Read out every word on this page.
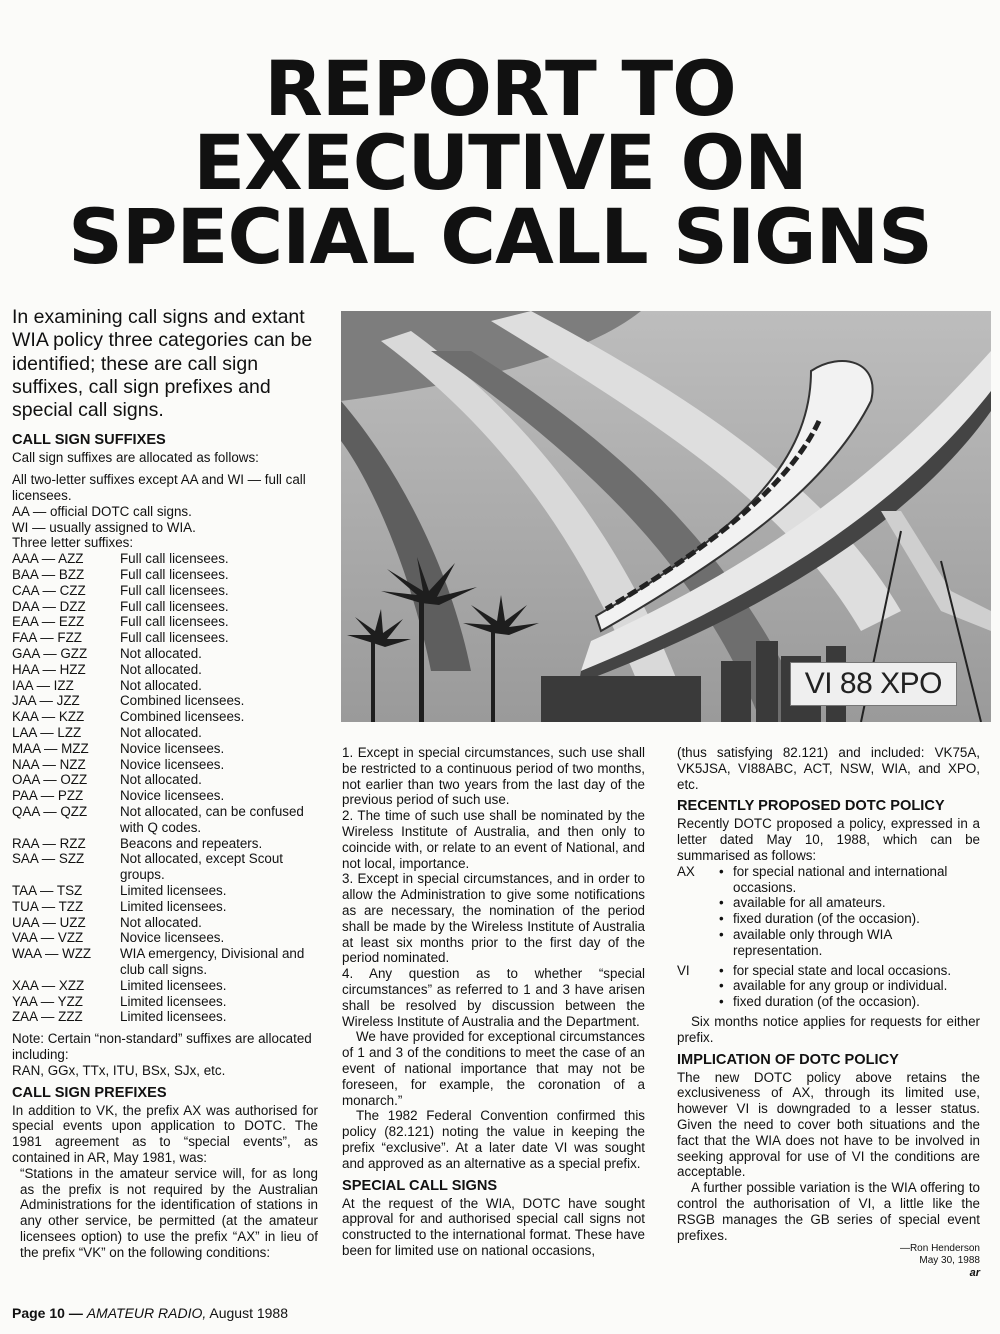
REPORT TO
EXECUTIVE ON
SPECIAL CALL SIGNS

In examining call signs and extant WIA policy three categories can be identified; these are call sign suffixes, call sign prefixes and special call signs.

CALL SIGN SUFFIXES

Call sign suffixes are allocated as follows:

All two-letter suffixes except AA and WI — full call licensees.

AA — official DOTC call signs.

WI — usually assigned to WIA.

Three letter suffixes:

AAA — AZZ	Full call licensees.
BAA — BZZ	Full call licensees.
CAA — CZZ	Full call licensees.
DAA — DZZ	Full call licensees.
EAA — EZZ	Full call licensees.
FAA — FZZ	Full call licensees.
GAA — GZZ	Not allocated.
HAA — HZZ	Not allocated.
IAA — IZZ	Not allocated.
JAA — JZZ	Combined licensees.
KAA — KZZ	Combined licensees.
LAA — LZZ	Not allocated.
MAA — MZZ	Novice licensees.
NAA — NZZ	Novice licensees.
OAA — OZZ	Not allocated.
PAA — PZZ	Novice licensees.
QAA — QZZ	Not allocated, can be confused with Q codes.
RAA — RZZ	Beacons and repeaters.
SAA — SZZ	Not allocated, except Scout groups.
TAA — TSZ	Limited licensees.
TUA — TZZ	Limited licensees.
UAA — UZZ	Not allocated.
VAA — VZZ	Novice licensees.
WAA — WZZ	WIA emergency, Divisional and club call signs.
XAA — XZZ	Limited licensees.
YAA — YZZ	Limited licensees.
ZAA — ZZZ	Limited licensees.

Note: Certain “non-standard” suffixes are allocated including:

RAN, GGx, TTx, ITU, BSx, SJx, etc.

CALL SIGN PREFIXES

In addition to VK, the prefix AX was authorised for special events upon application to DOTC. The 1981 agreement as to “special events”, as contained in AR, May 1981, was:

“Stations in the amateur service will, for as long as the prefix is not required by the Australian Administrations for the identification of stations in any other service, be permitted (at the amateur licensees option) to use the prefix “AX” in lieu of the prefix “VK” on the following conditions:

VI 88 XPO

1. Except in special circumstances, such use shall be restricted to a continuous period of two months, not earlier than two years from the last day of the previous period of such use.

2. The time of such use shall be nominated by the Wireless Institute of Australia, and then only to coincide with, or relate to an event of National, and not local, importance.

3. Except in special circumstances, and in order to allow the Administration to give some notifications as are necessary, the nomination of the period shall be made by the Wireless Institute of Australia at least six months prior to the first day of the period nominated.

4. Any question as to whether “special circumstances” as referred to 1 and 3 have arisen shall be resolved by discussion between the Wireless Institute of Australia and the Department.

We have provided for exceptional circumstances of 1 and 3 of the conditions to meet the case of an event of national importance that may not be foreseen, for example, the coronation of a monarch.”

The 1982 Federal Convention confirmed this policy (82.121) noting the value in keeping the prefix “exclusive”. At a later date VI was sought and approved as an alternative as a special prefix.

SPECIAL CALL SIGNS

At the request of the WIA, DOTC have sought approval for and authorised special call signs not constructed to the international format. These have been for limited use on national occasions,

(thus satisfying 82.121) and included: VK75A, VK5JSA, VI88ABC, ACT, NSW, WIA, and XPO, etc.

RECENTLY PROPOSED DOTC POLICY

Recently DOTC proposed a policy, expressed in a letter dated May 10, 1988, which can be summarised as follows:

AX	•	for special national and international occasions.
	•	available for all amateurs.
	•	fixed duration (of the occasion).
	•	available only through WIA representation.
VI	•	for special state and local occasions.
	•	available for any group or individual.
	•	fixed duration (of the occasion).

Six months notice applies for requests for either prefix.

IMPLICATION OF DOTC POLICY

The new DOTC policy above retains the exclusiveness of AX, through its limited use, however VI is downgraded to a lesser status. Given the need to cover both situations and the fact that the WIA does not have to be involved in seeking approval for use of VI the conditions are acceptable.

A further possible variation is the WIA offering to control the authorisation of VI, a little like the RSGB manages the GB series of special event prefixes.

—Ron Henderson
May 30, 1988
ar
Page 10 — AMATEUR RADIO, August 1988
